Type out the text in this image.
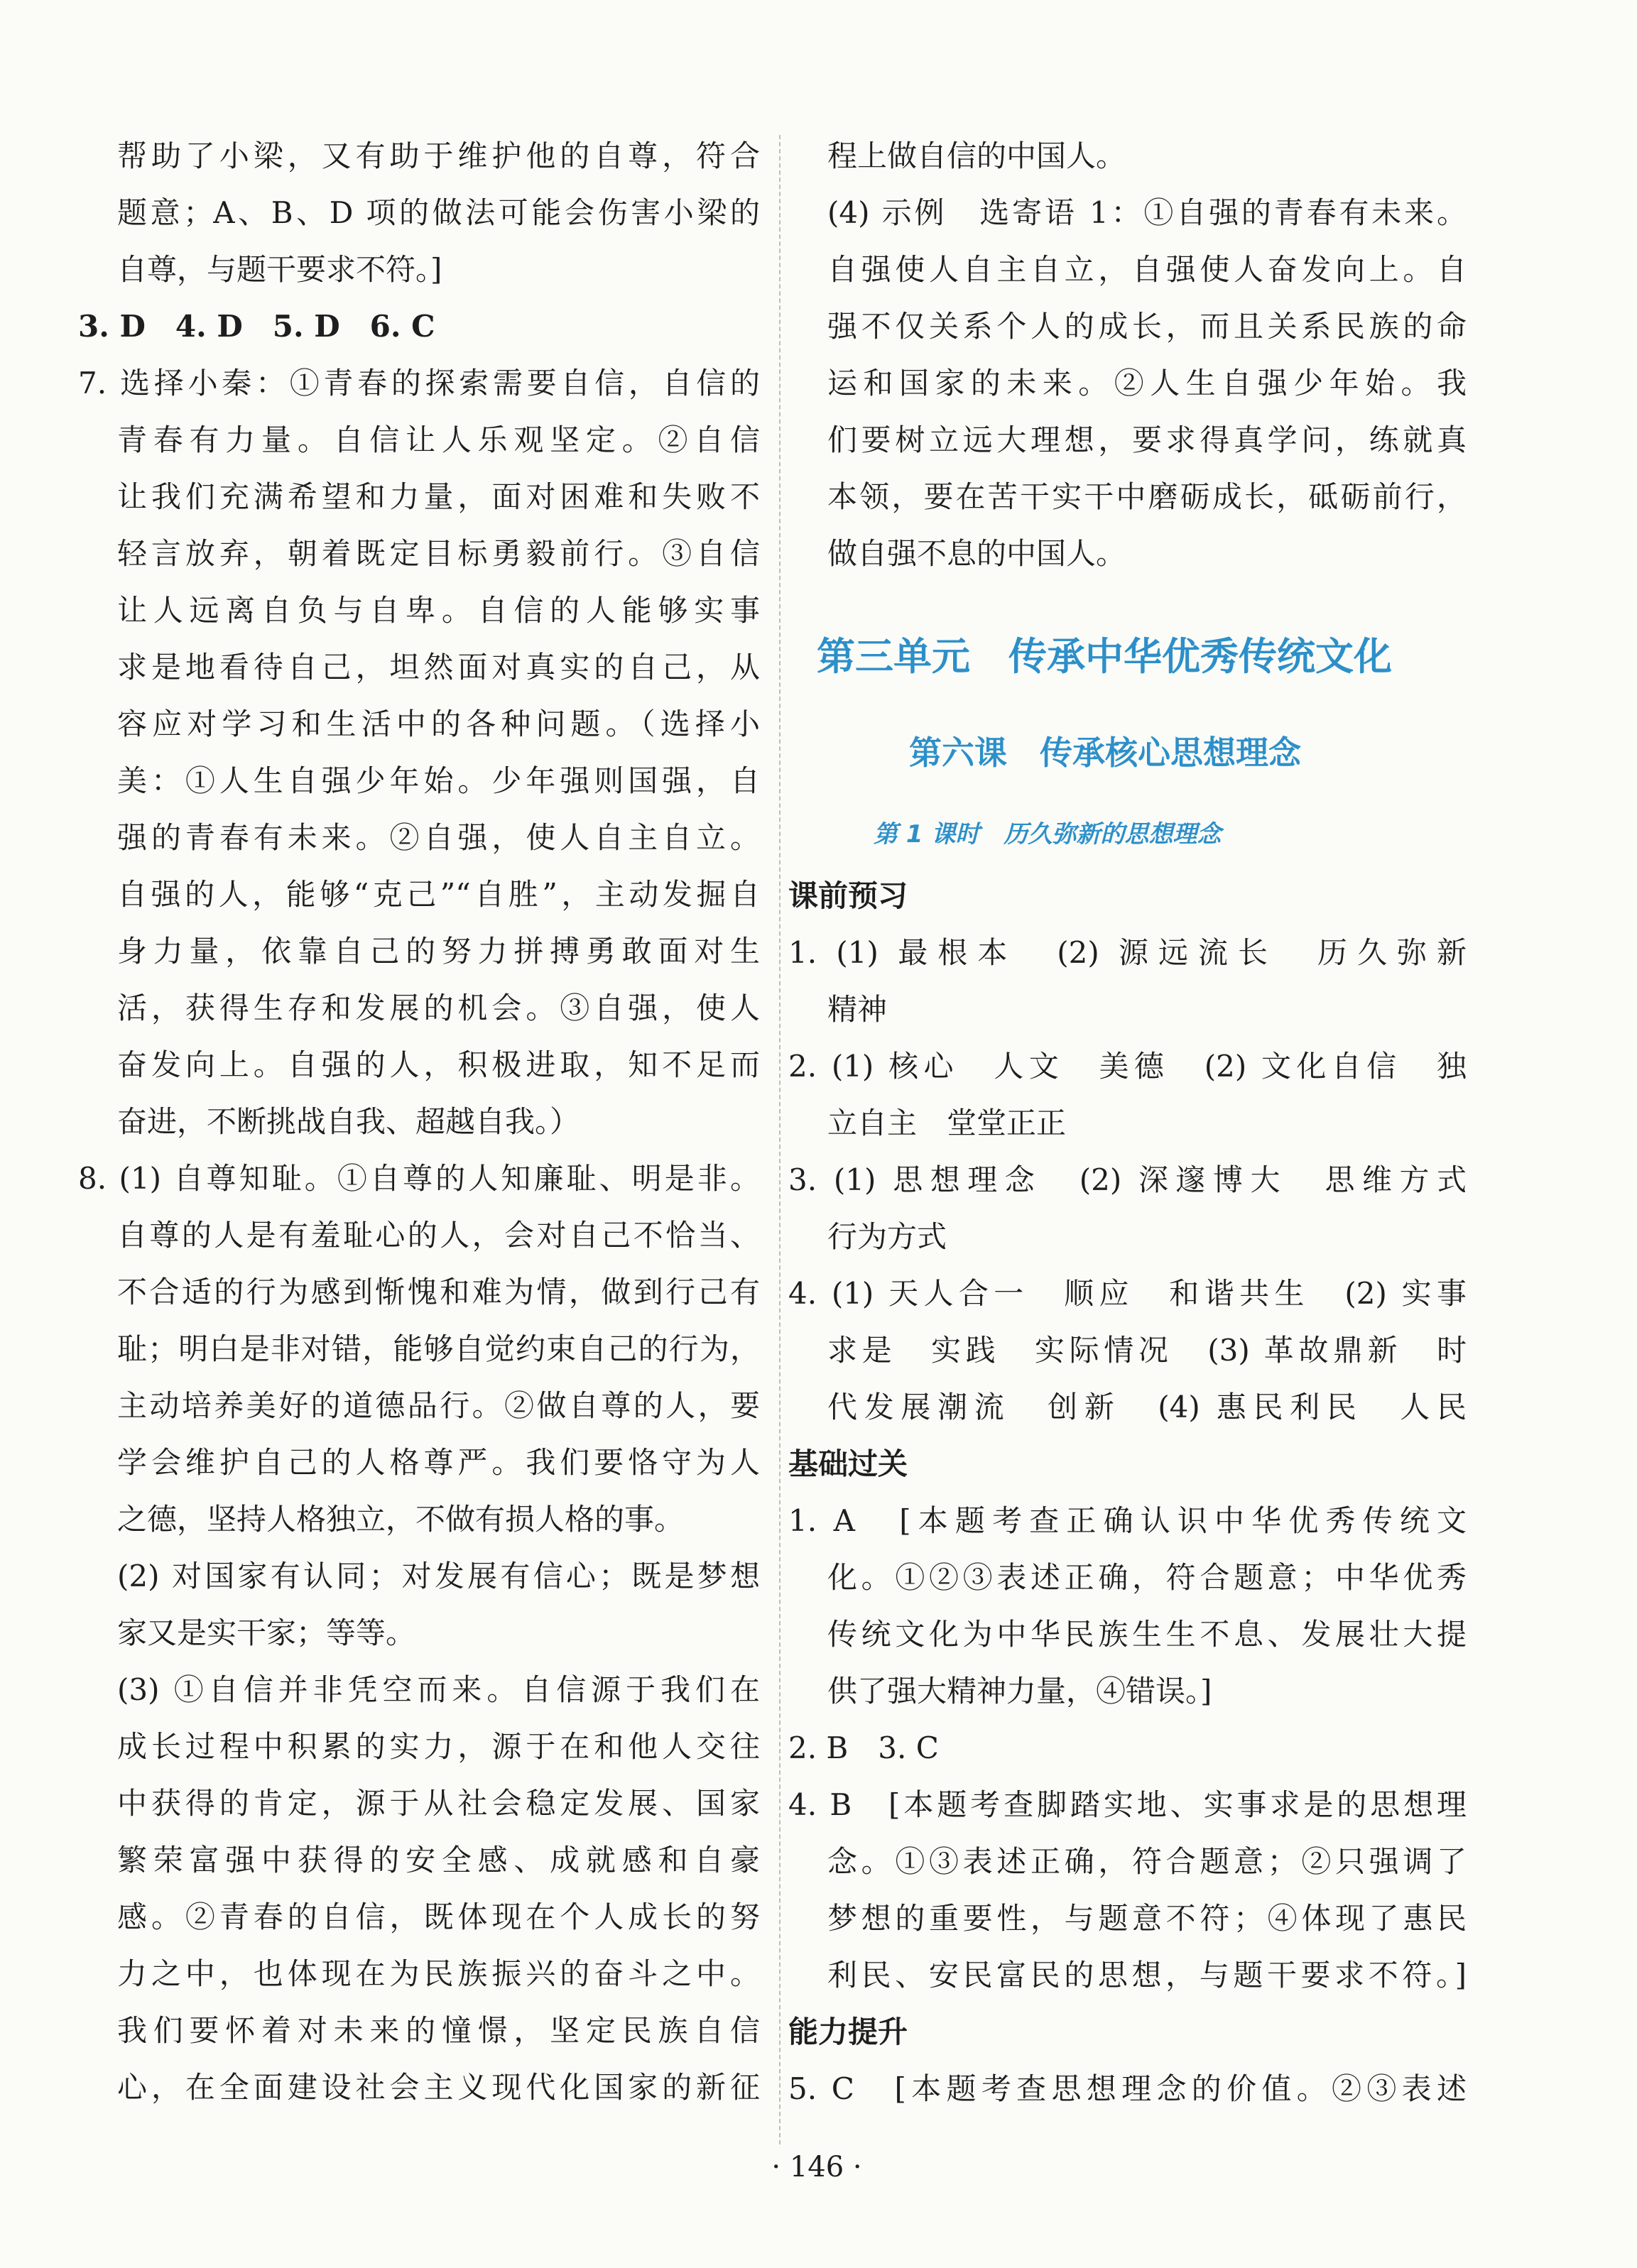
帮助了小梁，又有助于维护他的自尊，符合
题意；A、B、D 项的做法可能会伤害小梁的
自尊，与题干要求不符。]
3. D　4. D　5. D　6. C
7. 选择小秦：①青春的探索需要自信，自信的
青春有力量。自信让人乐观坚定。②自信
让我们充满希望和力量，面对困难和失败不
轻言放弃，朝着既定目标勇毅前行。③自信
让人远离自负与自卑。自信的人能够实事
求是地看待自己，坦然面对真实的自己，从
容应对学习和生活中的各种问题。（选择小
美：①人生自强少年始。少年强则国强，自
强的青春有未来。②自强，使人自主自立。
自强的人，能够“克己”“自胜”，主动发掘自
身力量，依靠自己的努力拼搏勇敢面对生
活，获得生存和发展的机会。③自强，使人
奋发向上。自强的人，积极进取，知不足而
奋进，不断挑战自我、超越自我。）
8. (1) 自尊知耻。①自尊的人知廉耻、明是非。
自尊的人是有羞耻心的人，会对自己不恰当、
不合适的行为感到惭愧和难为情，做到行己有
耻；明白是非对错，能够自觉约束自己的行为，
主动培养美好的道德品行。②做自尊的人，要
学会维护自己的人格尊严。我们要恪守为人
之德，坚持人格独立，不做有损人格的事。
(2) 对国家有认同；对发展有信心；既是梦想
家又是实干家；等等。
(3) ①自信并非凭空而来。自信源于我们在
成长过程中积累的实力，源于在和他人交往
中获得的肯定，源于从社会稳定发展、国家
繁荣富强中获得的安全感、成就感和自豪
感。②青春的自信，既体现在个人成长的努
力之中，也体现在为民族振兴的奋斗之中。
我们要怀着对未来的憧憬，坚定民族自信
心，在全面建设社会主义现代化国家的新征
程上做自信的中国人。
(4) 示例　选寄语 1：①自强的青春有未来。
自强使人自主自立，自强使人奋发向上。自
强不仅关系个人的成长，而且关系民族的命
运和国家的未来。②人生自强少年始。我
们要树立远大理想，要求得真学问，练就真
本领，要在苦干实干中磨砺成长，砥砺前行，
做自强不息的中国人。
第三单元　传承中华优秀传统文化
第六课　传承核心思想理念
第 1 课时　历久弥新的思想理念
课前预习
1. (1) 最根本　(2) 源远流长　历久弥新
精神
2. (1) 核心　人文　美德　(2) 文化自信　独
立自主　堂堂正正
3. (1) 思想理念　(2) 深邃博大　思维方式
行为方式
4. (1) 天人合一　顺应　和谐共生　(2) 实事
求是　实践　实际情况　(3) 革故鼎新　时
代发展潮流　创新　(4) 惠民利民　人民
基础过关
1. A　[本题考查正确认识中华优秀传统文
化。①②③表述正确，符合题意；中华优秀
传统文化为中华民族生生不息、发展壮大提
供了强大精神力量，④错误。]
2. B　3. C
4. B　[本题考查脚踏实地、实事求是的思想理
念。①③表述正确，符合题意；②只强调了
梦想的重要性，与题意不符；④体现了惠民
利民、安民富民的思想，与题干要求不符。]
能力提升
5. C　[本题考查思想理念的价值。②③表述
· 146 ·
